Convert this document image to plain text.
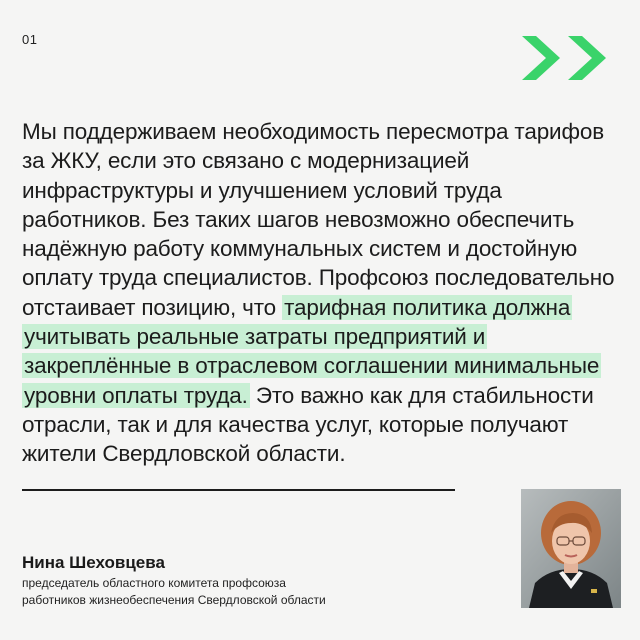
01
Мы поддерживаем необходимость пересмотра тарифов за ЖКУ, если это связано с модернизацией инфраструктуры и улучшением условий труда работников. Без таких шагов невозможно обеспечить надёжную работу коммунальных систем и достойную оплату труда специалистов. Профсоюз последовательно отстаивает позицию, что тарифная политика должна учитывать реальные затраты предприятий и закреплённые в отраслевом соглашении минимальные уровни оплаты труда. Это важно как для стабильности отрасли, так и для качества услуг, которые получают жители Свердловской области.
Нина Шеховцева
председатель областного комитета профсоюза
работников жизнеобеспечения Свердловской области
